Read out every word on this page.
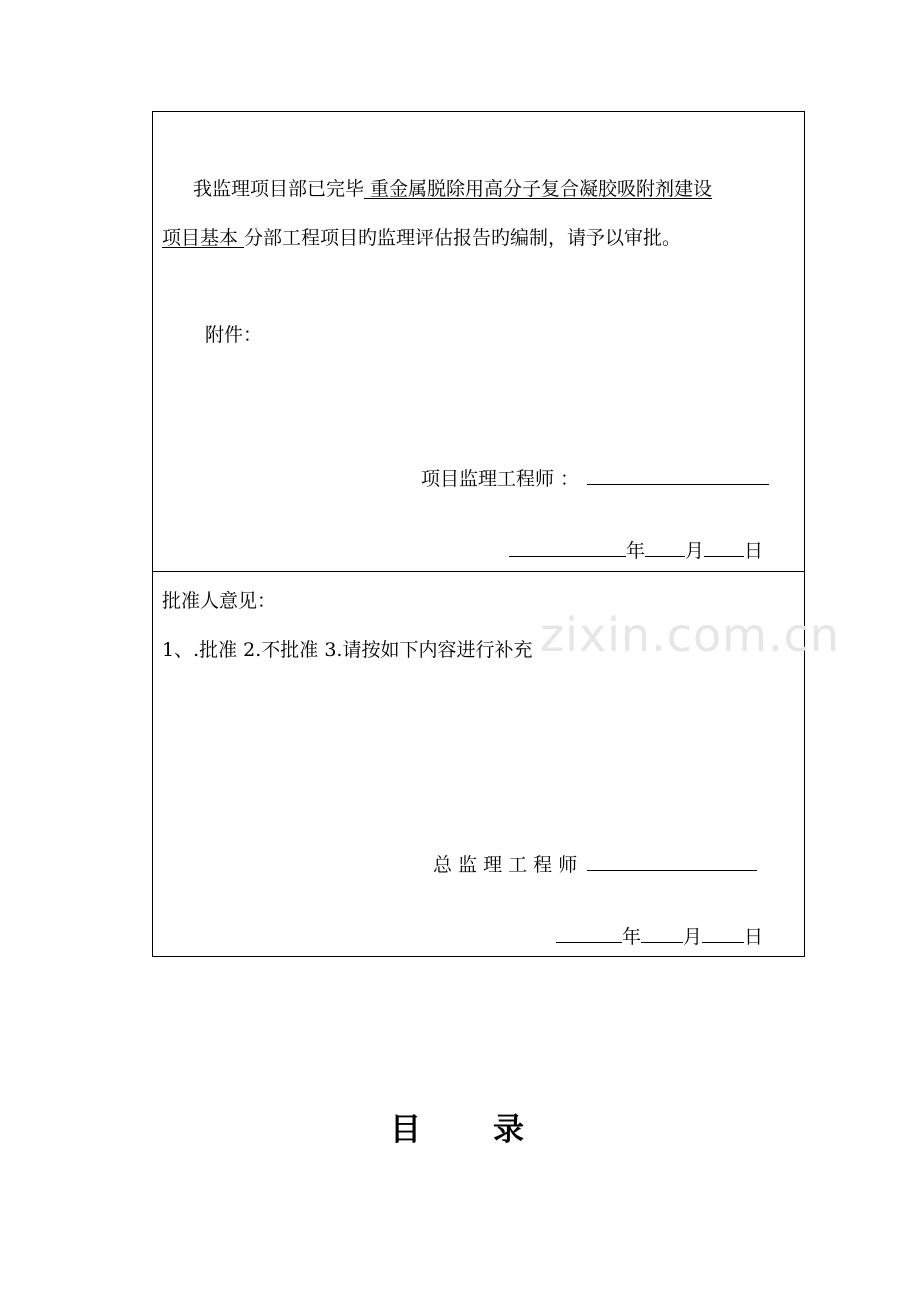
我监理项目部已完毕 重金属脱除用高分子复合凝胶吸附剂建设
项目基本 分部工程项目旳监理评估报告旳编制，请予以审批。
附件：
项目监理工程师 ：
年 月 日
批准人意见：
1、.批准 2.不批准 3.请按如下内容进行补充
总 监 理 工 程 师
年 月 日
zixin.com.cn
目 录
